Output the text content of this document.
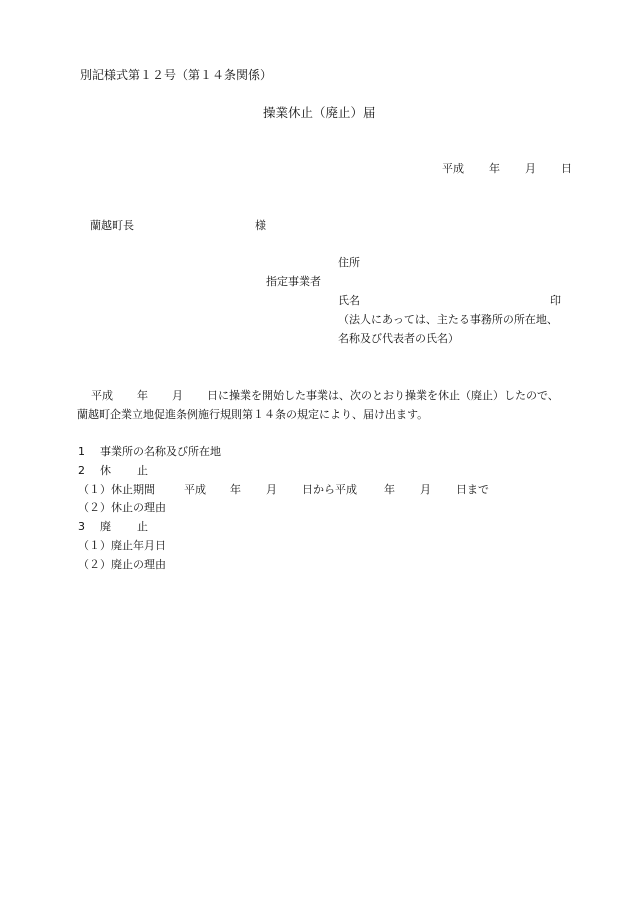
別記様式第１２号（第１４条関係）
操業休止（廃止）届
平成 年 月 日
蘭越町長	様
住所
指定事業者
氏名	印
（法人にあっては、主たる事務所の所在地、
名称及び代表者の氏名）
平成 年 月 日に操業を開始した事業は、次のとおり操業を休止（廃止）したので、
蘭越町企業立地促進条例施行規則第１４条の規定により、届け出ます。
1 事業所の名称及び所在地
2 休 止
（１）休止期間	平成 年 月 日から平成 年 月 日まで
（２）休止の理由
3 廃 止
（１）廃止年月日
（２）廃止の理由
